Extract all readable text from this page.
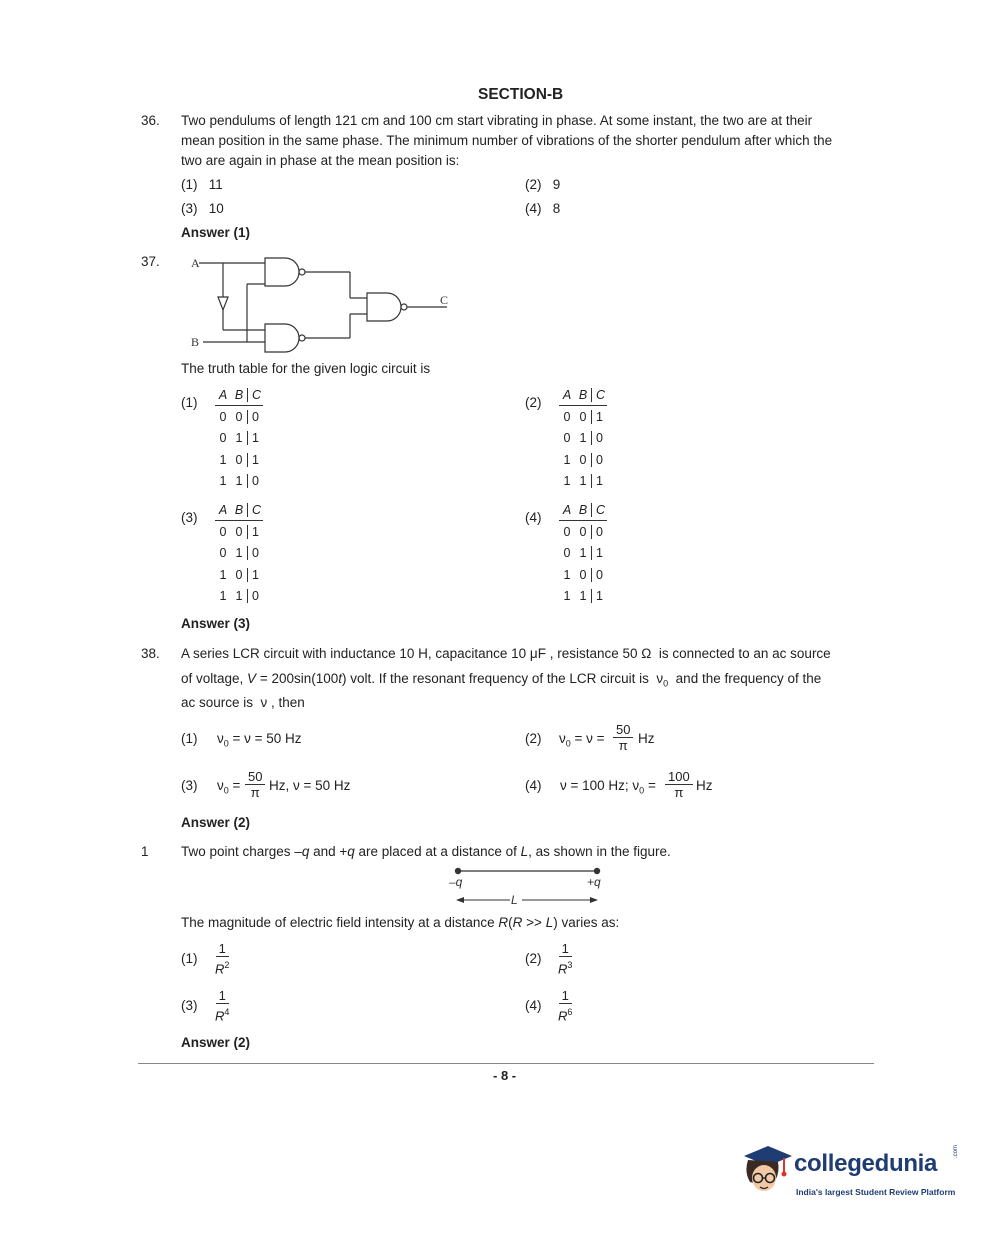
SECTION-B
36. Two pendulums of length 121 cm and 100 cm start vibrating in phase. At some instant, the two are at their
mean position in the same phase. The minimum number of vibrations of the shorter pendulum after which the
two are again in phase at the mean position is:
(1)   11	(2)   9
(3)   10	(4)   8
Answer (1)
37.	A
B
C
The truth table for the given logic circuit is
(1)	(2)
(3)	(4)
A B C
0 0 0
0 1 1
1 0 1
1 1 0
A B C
0 0 1
0 1 0
1 0 0
1 1 1
A B C
0 0 1
0 1 0
1 0 1
1 1 0
A B C
0 0 0
0 1 1
1 0 0
1 1 1
Answer (3)
38. A series LCR circuit with inductance 10 H, capacitance 10 μF , resistance 50 Ω  is connected to an ac source
of voltage, V = 200sin(100t) volt. If the resonant frequency of the LCR circuit is  $\nu_0$  and the frequency of the
ac source is  ν , then
(1) $\nu_0 = \nu = 50$ Hz	(2) $\nu_0 = \nu = \frac{50}{\pi}$ Hz
(3) $\nu_0 = \frac{50}{\pi} Hz$, ν = 50 Hz	(4) ν = 100 Hz; $\nu_0 = \frac{100}{\pi}$ Hz
Answer (2)
1 Two point charges –q and +q are placed at a distance of L, as shown in the figure.
–q	+q
L
The magnitude of electric field intensity at a distance R(R >> L) varies as:
$(1) \frac{1}{R^2}$	$(2) \frac{1}{R^3}$
$(3) \frac{1}{R^4}$	$(4) \frac{1}{R^6}$
Answer (2)
- 8 -
collegedunia	.com
India's largest Student Review Platform
